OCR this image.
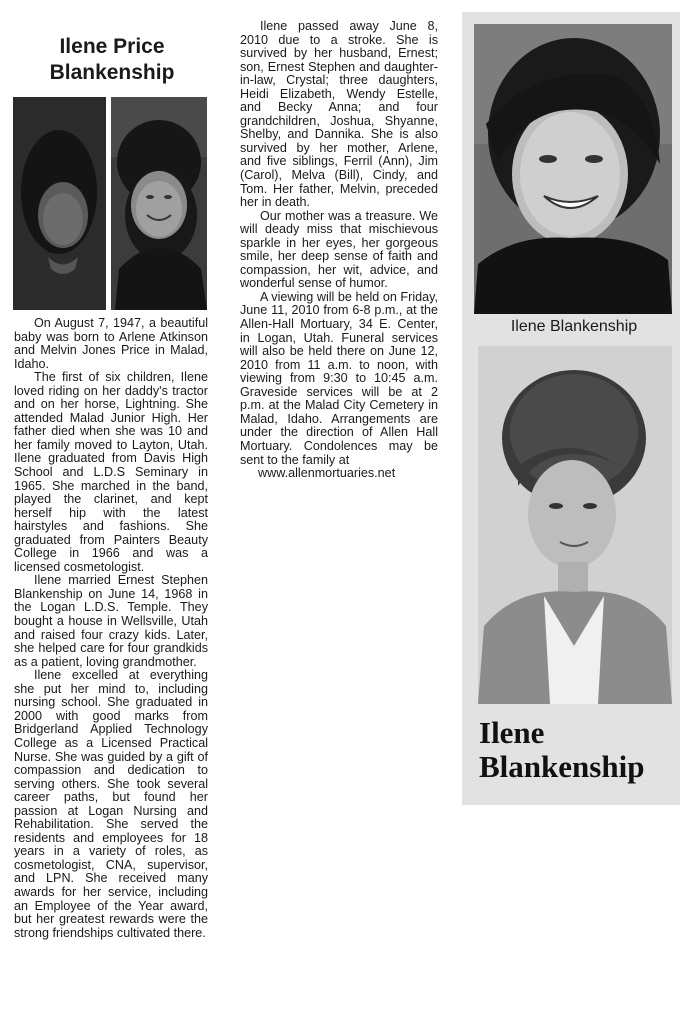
Ilene Price
Blankenship

On August 7, 1947, a beautiful baby was born to Arlene Atkinson and Melvin Jones Price in Malad, Idaho.

The first of six children, Ilene loved riding on her daddy's tractor and on her horse, Lightning. She attended Malad Junior High. Her father died when she was 10 and her family moved to Layton, Utah. Ilene graduated from Davis High School and L.D.S Seminary in 1965. She marched in the band, played the clarinet, and kept herself hip with the latest hairstyles and fashions. She graduated from Painters Beauty College in 1966 and was a licensed cosmetologist.

Ilene married Ernest Stephen Blankenship on June 14, 1968 in the Logan L.D.S. Temple. They bought a house in Wellsville, Utah and raised four crazy kids. Later, she helped care for four grandkids as a patient, loving grandmother.

Ilene excelled at everything she put her mind to, including nursing school. She graduated in 2000 with good marks from Bridgerland Applied Technology College as a Licensed Practical Nurse. She was guided by a gift of compassion and dedication to serving others. She took several career paths, but found her passion at Logan Nursing and Rehabilitation. She served the residents and employees for 18 years in a variety of roles, as cosmetologist, CNA, supervisor, and LPN. She received many awards for her service, including an Employee of the Year award, but her greatest rewards were the strong friendships cultivated there.

Ilene passed away June 8, 2010 due to a stroke. She is survived by her husband, Ernest; son, Ernest Stephen and daughter-in-law, Crystal; three daughters, Heidi Elizabeth, Wendy Estelle, and Becky Anna; and four grandchildren, Joshua, Shyanne, Shelby, and Dannika. She is also survived by her mother, Arlene, and five siblings, Ferril (Ann), Jim (Carol), Melva (Bill), Cindy, and Tom. Her father, Melvin, preceded her in death.

Our mother was a treasure. We will deady miss that mischievous sparkle in her eyes, her gorgeous smile, her deep sense of faith and compassion, her wit, advice, and wonderful sense of humor.

A viewing will be held on Friday, June 11, 2010 from 6-8 p.m., at the Allen-Hall Mortuary, 34 E. Center, in Logan, Utah. Funeral services will also be held there on June 12, 2010 from 11 a.m. to noon, with viewing from 9:30 to 10:45 a.m. Graveside services will be at 2 p.m. at the Malad City Cemetery in Malad, Idaho. Arrangements are under the direction of Allen Hall Mortuary. Condolences may be sent to the family at

www.allenmortuaries.net

Ilene Blankenship
Ilene
Blankenship
